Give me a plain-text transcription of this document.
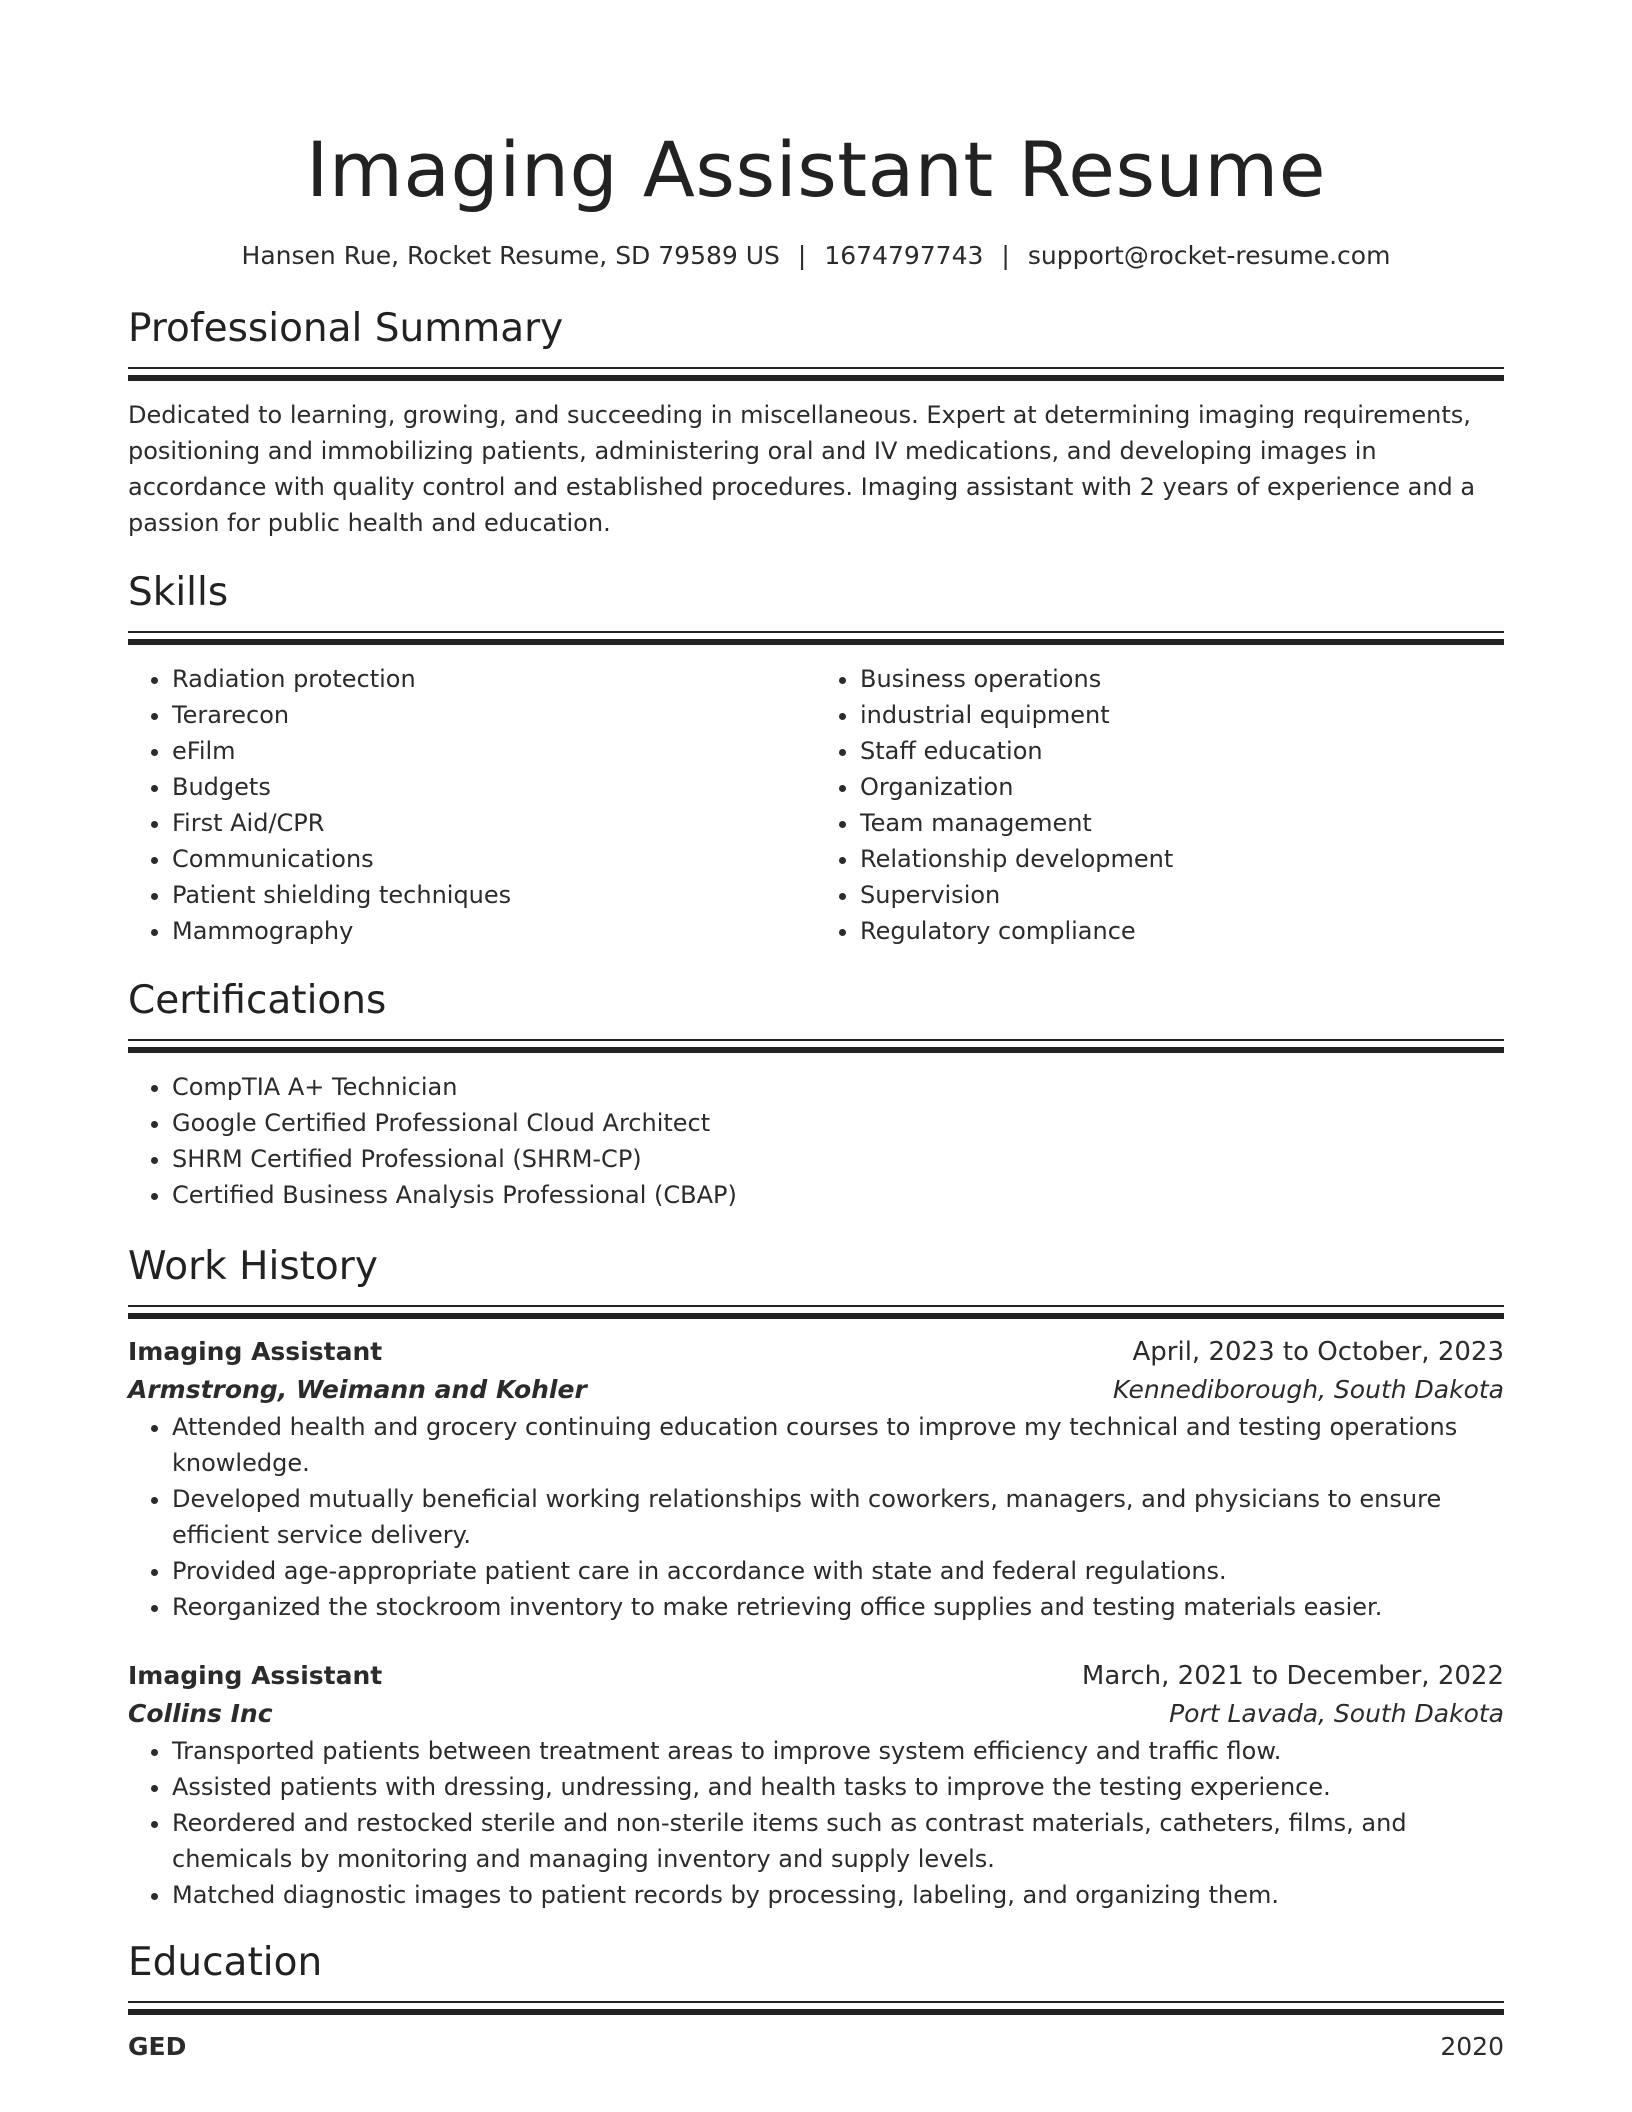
Imaging Assistant Resume
Hansen Rue, Rocket Resume, SD 79589 US | 1674797743 | support@rocket-resume.com
Professional Summary
Dedicated to learning, growing, and succeeding in miscellaneous. Expert at determining imaging requirements, positioning and immobilizing patients, administering oral and IV medications, and developing images in accordance with quality control and established procedures. Imaging assistant with 2 years of experience and a passion for public health and education.
Skills
• Radiation protection
• Terarecon
• eFilm
• Budgets
• First Aid/CPR
• Communications
• Patient shielding techniques
• Mammography
• Business operations
• industrial equipment
• Staff education
• Organization
• Team management
• Relationship development
• Supervision
• Regulatory compliance
Certifications
• CompTIA A+ Technician
• Google Certified Professional Cloud Architect
• SHRM Certified Professional (SHRM-CP)
• Certified Business Analysis Professional (CBAP)
Work History
Imaging Assistant	April, 2023 to October, 2023
Armstrong, Weimann and Kohler	Kennediborough, South Dakota
• Attended health and grocery continuing education courses to improve my technical and testing operations knowledge.
• Developed mutually beneficial working relationships with coworkers, managers, and physicians to ensure efficient service delivery.
• Provided age-appropriate patient care in accordance with state and federal regulations.
• Reorganized the stockroom inventory to make retrieving office supplies and testing materials easier.
Imaging Assistant	March, 2021 to December, 2022
Collins Inc	Port Lavada, South Dakota
• Transported patients between treatment areas to improve system efficiency and traffic flow.
• Assisted patients with dressing, undressing, and health tasks to improve the testing experience.
• Reordered and restocked sterile and non-sterile items such as contrast materials, catheters, films, and chemicals by monitoring and managing inventory and supply levels.
• Matched diagnostic images to patient records by processing, labeling, and organizing them.
Education
GED	2020
